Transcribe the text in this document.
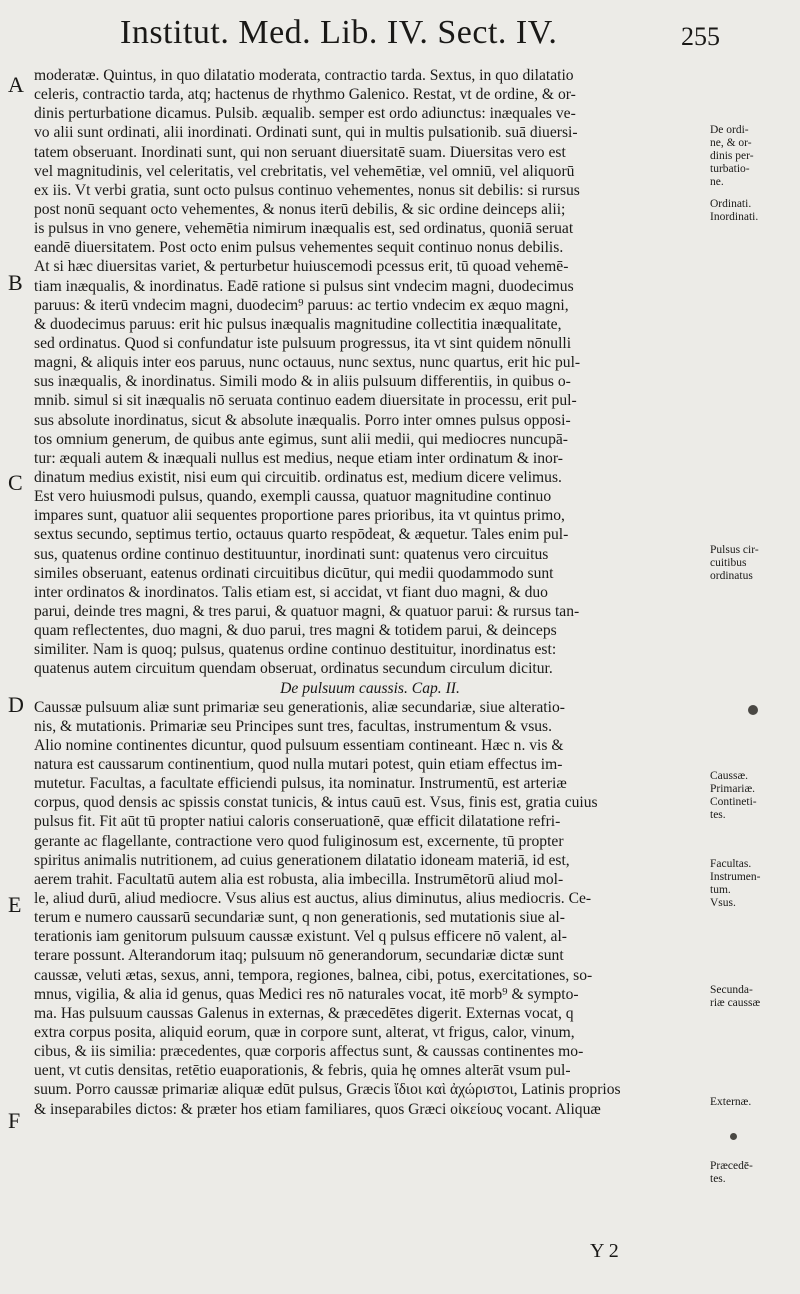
Institut. Med. Lib. IV. Sect. IV.	255
A
B
C
D
E
F
moderatæ. Quintus, in quo dilatatio moderata, contractio tarda. Sextus, in quo dilatatio
celeris, contractio tarda, atq; hactenus de rhythmo Galenico. Restat, vt de ordine, & or-
dinis perturbatione dicamus. Pulsib. æqualib. semper est ordo adiunctus: inæquales ve-
vo alii sunt ordinati, alii inordinati. Ordinati sunt, qui in multis pulsationib. suā diuersi-
tatem obseruant. Inordinati sunt, qui non seruant diuersitatē suam. Diuersitas vero est
vel magnitudinis, vel celeritatis, vel crebritatis, vel vehemētiæ, vel omniū, vel aliquorū
ex iis. Vt verbi gratia, sunt octo pulsus continuo vehementes, nonus sit debilis: si rursus
post nonū sequant octo vehementes, & nonus iterū debilis, & sic ordine deinceps alii;
is pulsus in vno genere, vehemētia nimirum inæqualis est, sed ordinatus, quoniā seruat
eandē diuersitatem. Post octo enim pulsus vehementes sequit continuo nonus debilis.
At si hæc diuersitas variet, & perturbetur huiuscemodi pcessus erit, tū quoad vehemē-
tiam inæqualis, & inordinatus. Eadē ratione si pulsus sint vndecim magni, duodecimus
paruus: & iterū vndecim magni, duodecim⁹ paruus: ac tertio vndecim ex æquo magni,
& duodecimus paruus: erit hic pulsus inæqualis magnitudine collectitia inæqualitate,
sed ordinatus. Quod si confundatur iste pulsuum progressus, ita vt sint quidem nōnulli
magni, & aliquis inter eos paruus, nunc octauus, nunc sextus, nunc quartus, erit hic pul-
sus inæqualis, & inordinatus. Simili modo & in aliis pulsuum differentiis, in quibus o-
mnib. simul si sit inæqualis nō seruata continuo eadem diuersitate in processu, erit pul-
sus absolute inordinatus, sicut & absolute inæqualis. Porro inter omnes pulsus opposi-
tos omnium generum, de quibus ante egimus, sunt alii medii, qui mediocres nuncupā-
tur: æquali autem & inæquali nullus est medius, neque etiam inter ordinatum & inor-
dinatum medius existit, nisi eum qui circuitib. ordinatus est, medium dicere velimus.
Est vero huiusmodi pulsus, quando, exempli caussa, quatuor magnitudine continuo
impares sunt, quatuor alii sequentes proportione pares prioribus, ita vt quintus primo,
sextus secundo, septimus tertio, octauus quarto respōdeat, & æquetur. Tales enim pul-
sus, quatenus ordine continuo destituuntur, inordinati sunt: quatenus vero circuitus
similes obseruant, eatenus ordinati circuitibus dicūtur, qui medii quodammodo sunt
inter ordinatos & inordinatos. Talis etiam est, si accidat, vt fiant duo magni, & duo
parui, deinde tres magni, & tres parui, & quatuor magni, & quatuor parui: & rursus tan-
quam reflectentes, duo magni, & duo parui, tres magni & totidem parui, & deinceps
similiter. Nam is quoq; pulsus, quatenus ordine continuo destituitur, inordinatus est:
quatenus autem circuitum quendam obseruat, ordinatus secundum circulum dicitur.
De pulsuum caussis. Cap. II.
Caussæ pulsuum aliæ sunt primariæ seu generationis, aliæ secundariæ, siue alteratio-
nis, & mutationis. Primariæ seu Principes sunt tres, facultas, instrumentum & vsus.
Alio nomine continentes dicuntur, quod pulsuum essentiam contineant. Hæc n. vis &
natura est caussarum continentium, quod nulla mutari potest, quin etiam effectus im-
mutetur. Facultas, a facultate efficiendi pulsus, ita nominatur. Instrumentū, est arteriæ
corpus, quod densis ac spissis constat tunicis, & intus cauū est. Vsus, finis est, gratia cuius
pulsus fit. Fit aūt tū propter natiui caloris conseruationē, quæ efficit dilatatione refri-
gerante ac flagellante, contractione vero quod fuliginosum est, excernente, tū propter
spiritus animalis nutritionem, ad cuius generationem dilatatio idoneam materiā, id est,
aerem trahit. Facultatū autem alia est robusta, alia imbecilla. Instrumētorū aliud mol-
le, aliud durū, aliud mediocre. Vsus alius est auctus, alius diminutus, alius mediocris. Ce-
terum e numero caussarū secundariæ sunt, q non generationis, sed mutationis siue al-
terationis iam genitorum pulsuum caussæ existunt. Vel q pulsus efficere nō valent, al-
terare possunt. Alterandorum itaq; pulsuum nō generandorum, secundariæ dictæ sunt
caussæ, veluti ætas, sexus, anni, tempora, regiones, balnea, cibi, potus, exercitationes, so-
mnus, vigilia, & alia id genus, quas Medici res nō naturales vocat, itē morb⁹ & sympto-
ma. Has pulsuum caussas Galenus in externas, & præcedētes digerit. Externas vocat, q
extra corpus posita, aliquid eorum, quæ in corpore sunt, alterat, vt frigus, calor, vinum,
cibus, & iis similia: præcedentes, quæ corporis affectus sunt, & caussas continentes mo-
uent, vt cutis densitas, retētio euaporationis, & febris, quia hę omnes alterāt vsum pul-
suum. Porro caussæ primariæ aliquæ edūt pulsus, Græcis ἴδιοι καὶ ἀχώριστοι, Latinis proprios
& inseparabiles dictos: & præter hos etiam familiares, quos Græci οἰκείους vocant. Aliquæ
De ordi-
ne, & or-
dinis per-
turbatio-
ne.
Ordinati.
Inordinati.
Pulsus cir-
cuitibus
ordinatus
Caussæ.
Primariæ.
Contineti-
tes.
Facultas.
Instrumen-
tum.
Vsus.
Secunda-
riæ caussæ
Externæ.
Præcedē-
tes.
Y 2
